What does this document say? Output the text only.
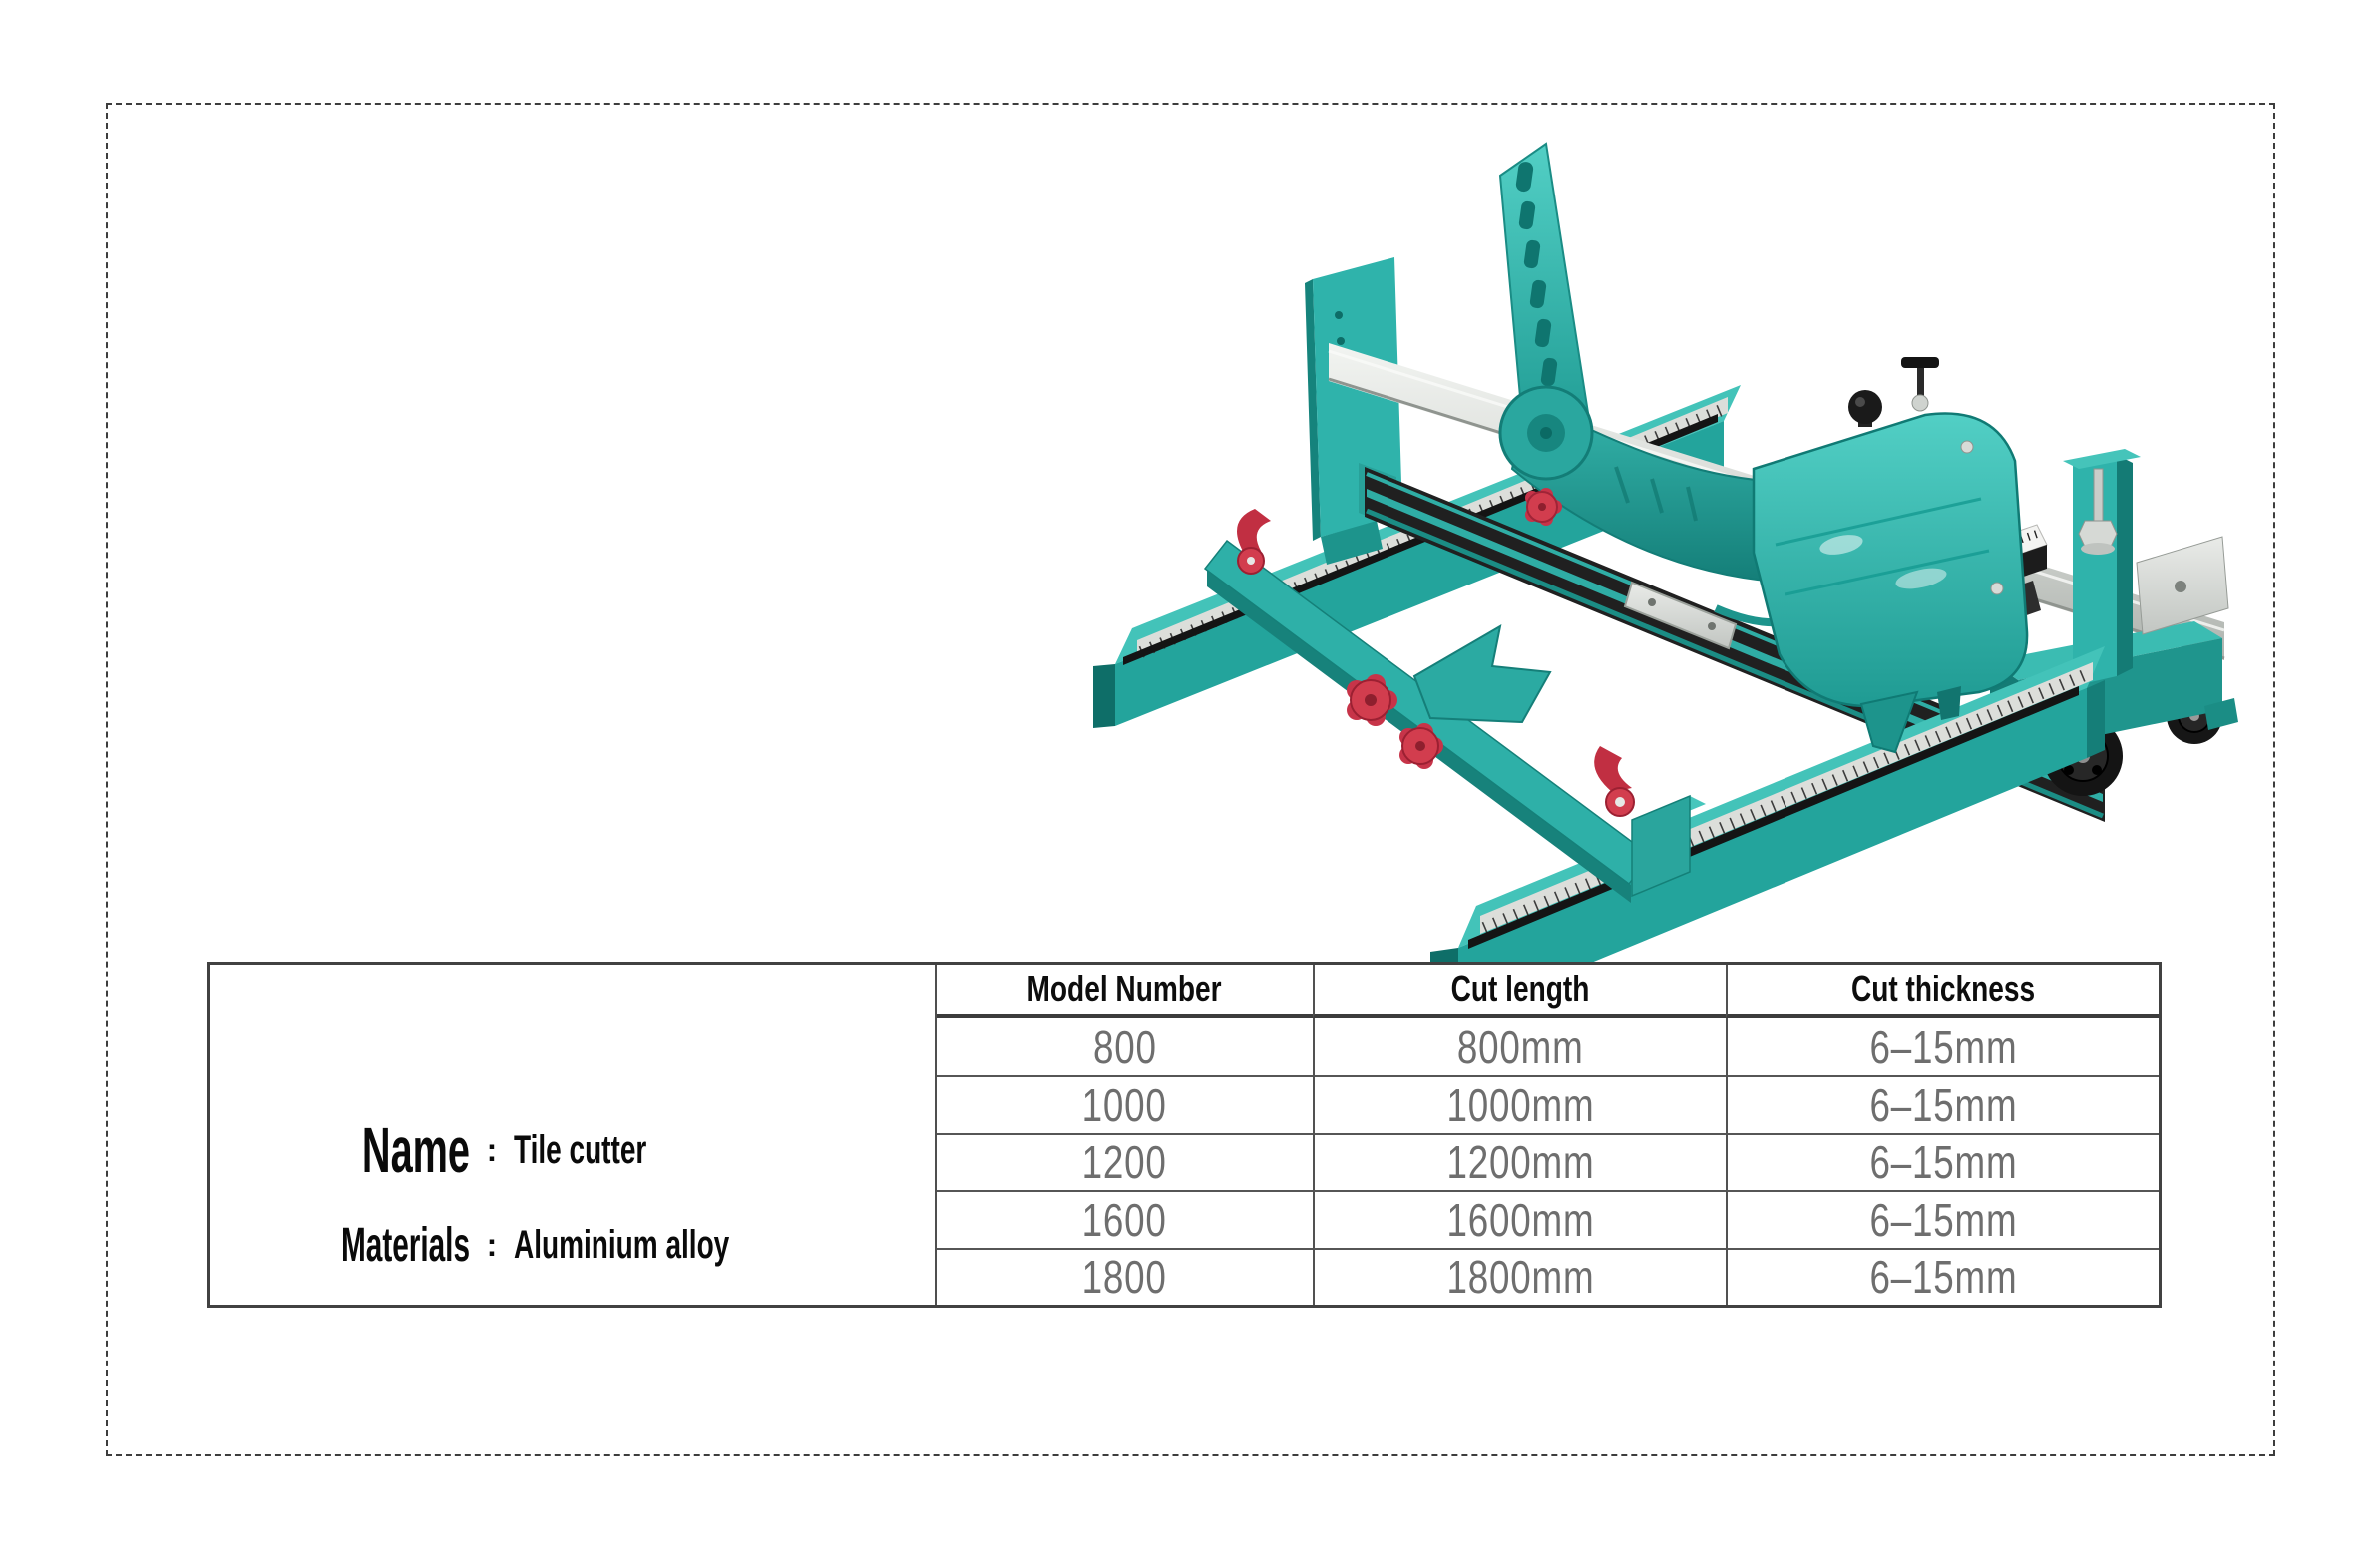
Name : Tile cutter
Materials : Aluminium alloy
Model Number	Cut length	Cut thickness
800	800mm	6–15mm
1000	1000mm	6–15mm
1200	1200mm	6–15mm
1600	1600mm	6–15mm
1800	1800mm	6–15mm
